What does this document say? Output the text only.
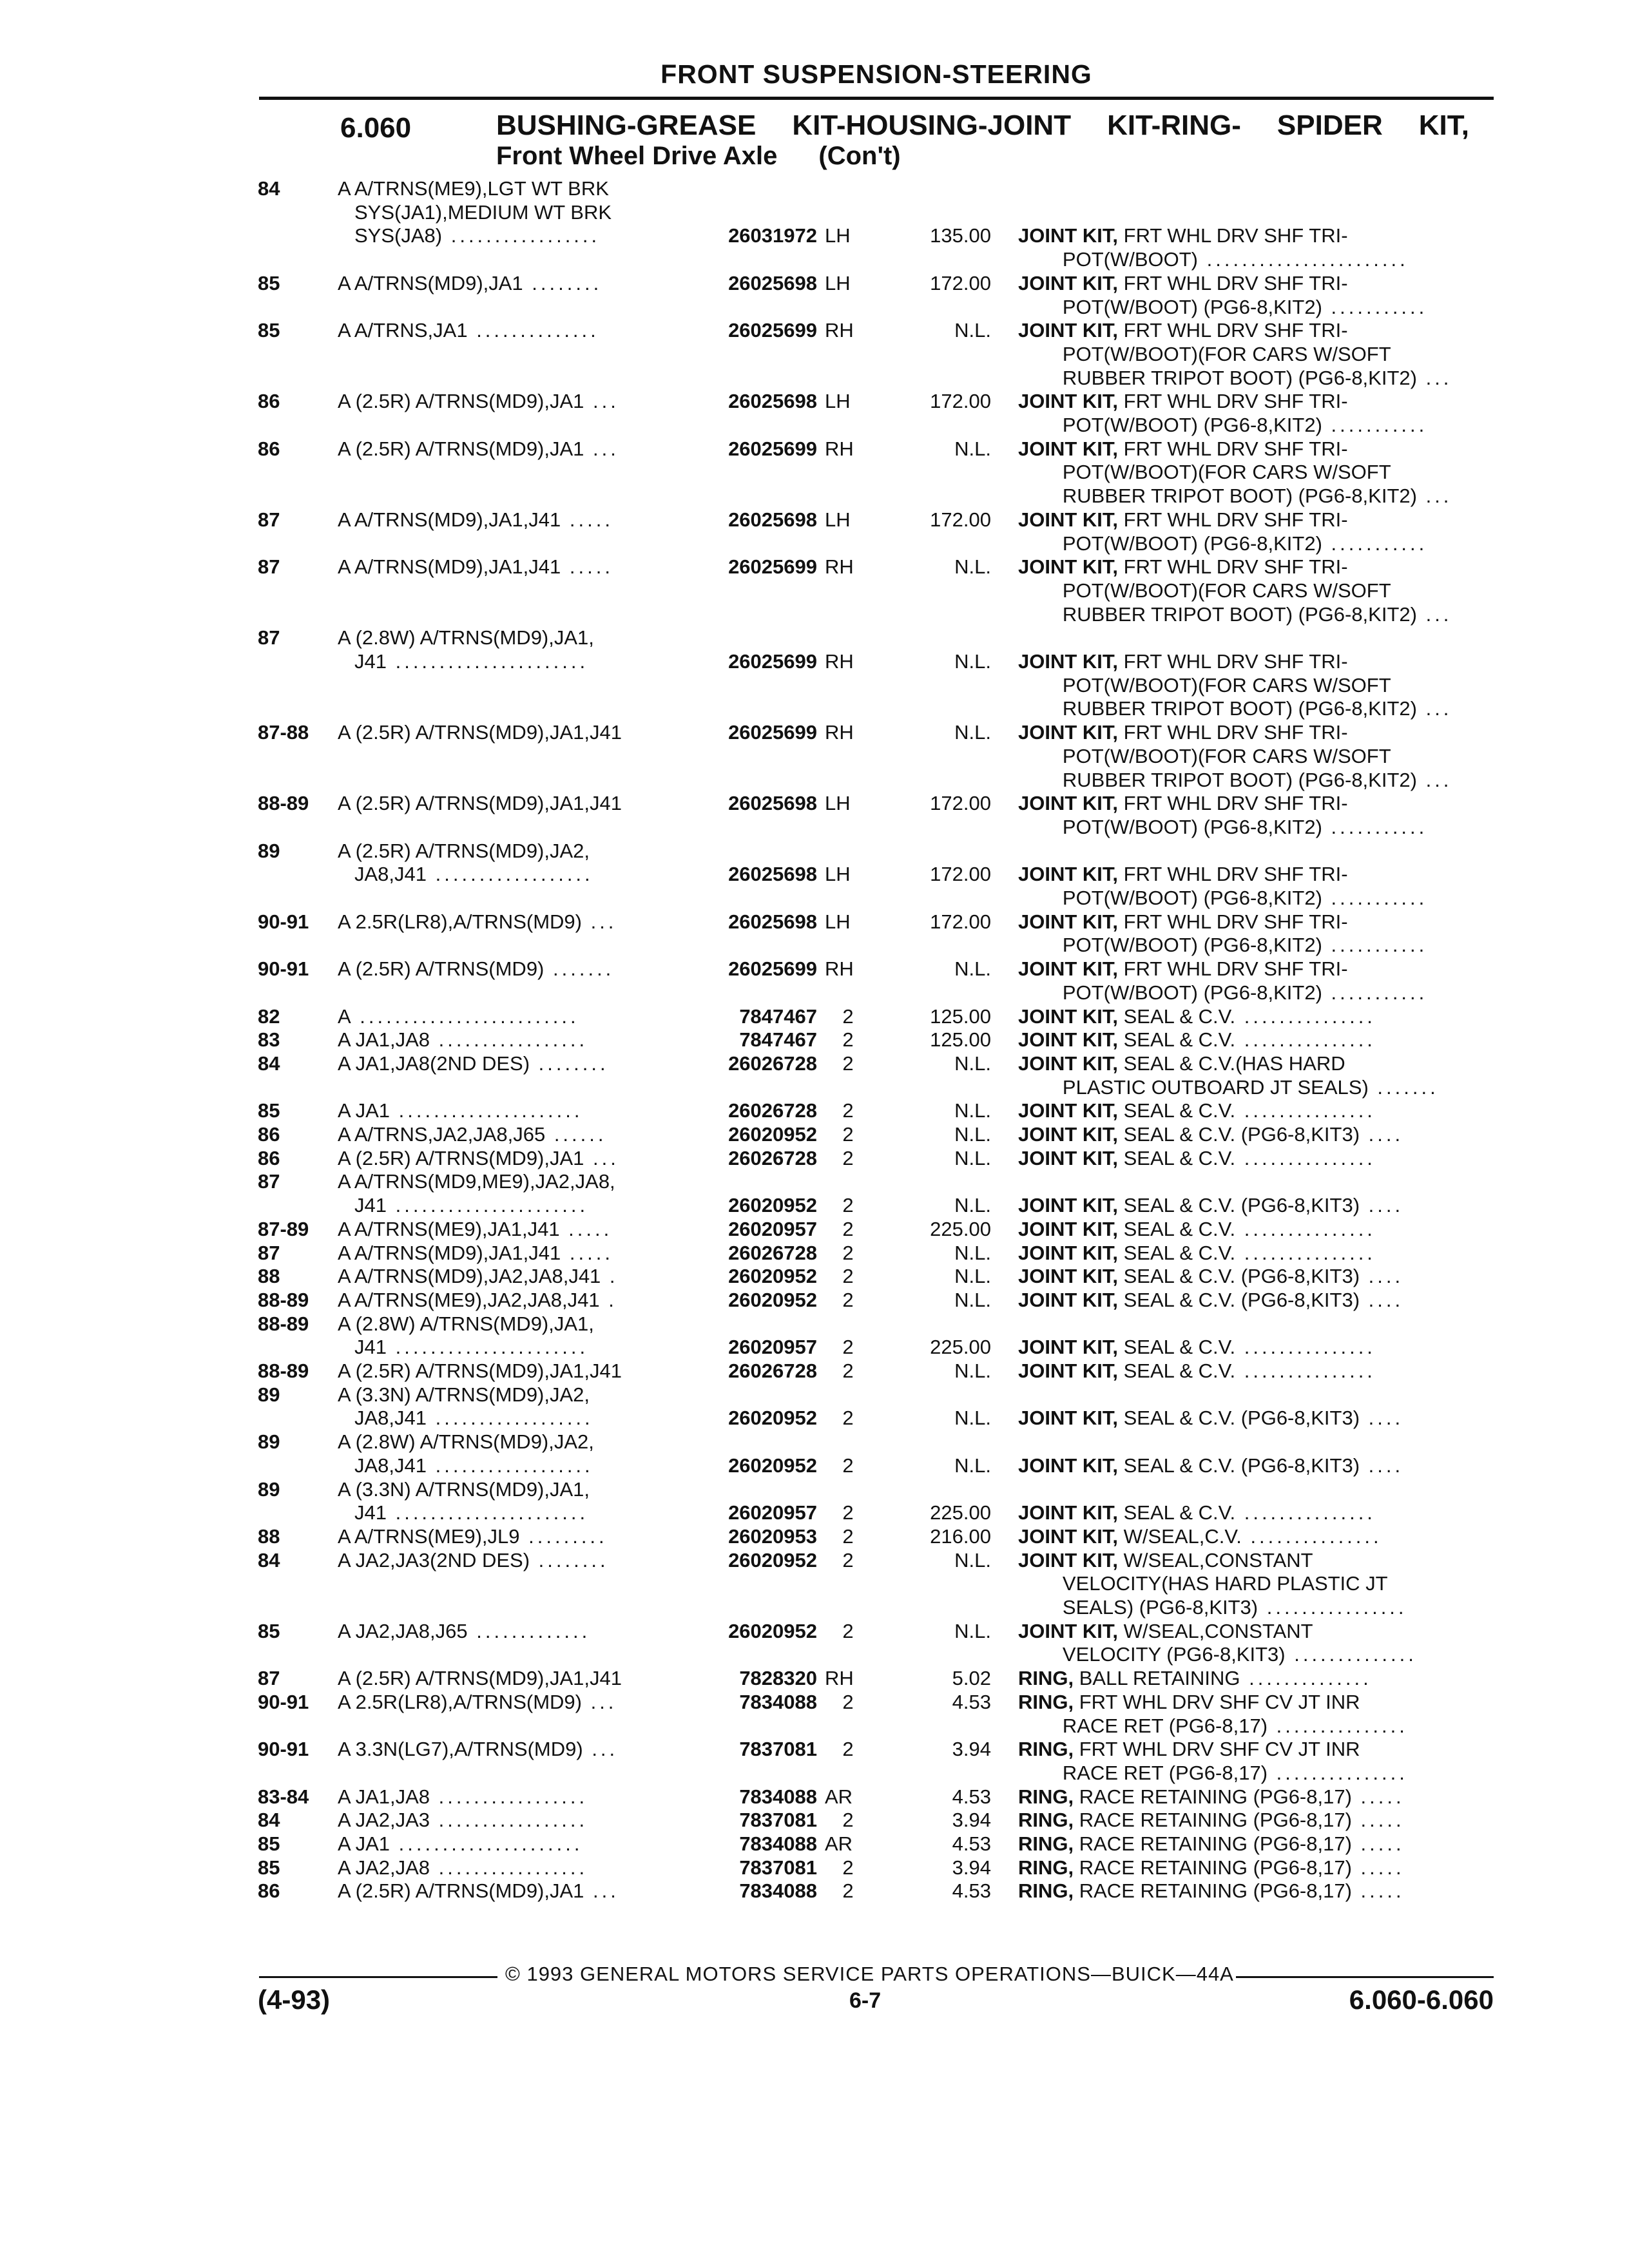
FRONT SUSPENSION-STEERING
6.060	BUSHING-GREASE KIT-HOUSING-JOINT KIT-RING- SPIDER KIT,
Front Wheel Drive Axle (Con't)
84	A A/TRNS(ME9),LGT WT BRK
SYS(JA1),MEDIUM WT BRK
SYS(JA8) .................	26031972 LH	135.00 JOINT KIT, FRT WHL DRV SHF TRI-
POT(W/BOOT) .......................
85	A A/TRNS(MD9),JA1 ........	26025698 LH	172.00 JOINT KIT, FRT WHL DRV SHF TRI-
POT(W/BOOT) (PG6-8,KIT2) ...........
85	A A/TRNS,JA1 ..............	26025699 RH	N.L. JOINT KIT, FRT WHL DRV SHF TRI-
POT(W/BOOT)(FOR CARS W/SOFT
RUBBER TRIPOT BOOT) (PG6-8,KIT2) ...
86	A (2.5R) A/TRNS(MD9),JA1 ...	26025698 LH	172.00 JOINT KIT, FRT WHL DRV SHF TRI-
POT(W/BOOT) (PG6-8,KIT2) ...........
86	A (2.5R) A/TRNS(MD9),JA1 ...	26025699 RH	N.L. JOINT KIT, FRT WHL DRV SHF TRI-
POT(W/BOOT)(FOR CARS W/SOFT
RUBBER TRIPOT BOOT) (PG6-8,KIT2) ...
87	A A/TRNS(MD9),JA1,J41 .....	26025698 LH	172.00 JOINT KIT, FRT WHL DRV SHF TRI-
POT(W/BOOT) (PG6-8,KIT2) ...........
87	A A/TRNS(MD9),JA1,J41 .....	26025699 RH	N.L. JOINT KIT, FRT WHL DRV SHF TRI-
POT(W/BOOT)(FOR CARS W/SOFT
RUBBER TRIPOT BOOT) (PG6-8,KIT2) ...
87	A (2.8W) A/TRNS(MD9),JA1,
J41 ......................	26025699 RH	N.L. JOINT KIT, FRT WHL DRV SHF TRI-
POT(W/BOOT)(FOR CARS W/SOFT
RUBBER TRIPOT BOOT) (PG6-8,KIT2) ...
87-88 A (2.5R) A/TRNS(MD9),JA1,J41	26025699 RH	N.L. JOINT KIT, FRT WHL DRV SHF TRI-
POT(W/BOOT)(FOR CARS W/SOFT
RUBBER TRIPOT BOOT) (PG6-8,KIT2) ...
88-89 A (2.5R) A/TRNS(MD9),JA1,J41	26025698 LH	172.00 JOINT KIT, FRT WHL DRV SHF TRI-
POT(W/BOOT) (PG6-8,KIT2) ...........
89	A (2.5R) A/TRNS(MD9),JA2,
JA8,J41 ..................	26025698 LH	172.00 JOINT KIT, FRT WHL DRV SHF TRI-
POT(W/BOOT) (PG6-8,KIT2) ...........
90-91 A 2.5R(LR8),A/TRNS(MD9) ...	26025698 LH	172.00 JOINT KIT, FRT WHL DRV SHF TRI-
POT(W/BOOT) (PG6-8,KIT2) ...........
90-91 A (2.5R) A/TRNS(MD9) .......	26025699 RH	N.L. JOINT KIT, FRT WHL DRV SHF TRI-
POT(W/BOOT) (PG6-8,KIT2) ...........
82	A .........................	7847467	2	125.00 JOINT KIT, SEAL & C.V. ...............
83	A JA1,JA8 .................	7847467	2	125.00 JOINT KIT, SEAL & C.V. ...............
84	A JA1,JA8(2ND DES) ........	26026728	2	N.L. JOINT KIT, SEAL & C.V.(HAS HARD
PLASTIC OUTBOARD JT SEALS) .......
85	A JA1 .....................	26026728	2	N.L. JOINT KIT, SEAL & C.V. ...............
86	A A/TRNS,JA2,JA8,J65 ......	26020952	2	N.L. JOINT KIT, SEAL & C.V. (PG6-8,KIT3) ....
86	A (2.5R) A/TRNS(MD9),JA1 ...	26026728	2	N.L. JOINT KIT, SEAL & C.V. ...............
87	A A/TRNS(MD9,ME9),JA2,JA8,
J41 ......................	26020952	2	N.L. JOINT KIT, SEAL & C.V. (PG6-8,KIT3) ....
87-89 A A/TRNS(ME9),JA1,J41 .....	26020957	2	225.00 JOINT KIT, SEAL & C.V. ...............
87	A A/TRNS(MD9),JA1,J41 .....	26026728	2	N.L. JOINT KIT, SEAL & C.V. ...............
88	A A/TRNS(MD9),JA2,JA8,J41 .	26020952	2	N.L. JOINT KIT, SEAL & C.V. (PG6-8,KIT3) ....
88-89 A A/TRNS(ME9),JA2,JA8,J41 .	26020952	2	N.L. JOINT KIT, SEAL & C.V. (PG6-8,KIT3) ....
88-89 A (2.8W) A/TRNS(MD9),JA1,
J41 ......................	26020957	2	225.00 JOINT KIT, SEAL & C.V. ...............
88-89 A (2.5R) A/TRNS(MD9),JA1,J41	26026728	2	N.L. JOINT KIT, SEAL & C.V. ...............
89	A (3.3N) A/TRNS(MD9),JA2,
JA8,J41 ..................	26020952	2	N.L. JOINT KIT, SEAL & C.V. (PG6-8,KIT3) ....
89	A (2.8W) A/TRNS(MD9),JA2,
JA8,J41 ..................	26020952	2	N.L. JOINT KIT, SEAL & C.V. (PG6-8,KIT3) ....
89	A (3.3N) A/TRNS(MD9),JA1,
J41 ......................	26020957	2	225.00 JOINT KIT, SEAL & C.V. ...............
88	A A/TRNS(ME9),JL9 .........	26020953	2	216.00 JOINT KIT, W/SEAL,C.V. ...............
84	A JA2,JA3(2ND DES) ........	26020952	2	N.L. JOINT KIT, W/SEAL,CONSTANT
VELOCITY(HAS HARD PLASTIC JT
SEALS) (PG6-8,KIT3) ................
85	A JA2,JA8,J65 .............	26020952	2	N.L. JOINT KIT, W/SEAL,CONSTANT
VELOCITY (PG6-8,KIT3) ..............
87	A (2.5R) A/TRNS(MD9),JA1,J41	7828320 RH	5.02 RING, BALL RETAINING ..............
90-91 A 2.5R(LR8),A/TRNS(MD9) ...	7834088	2	4.53 RING, FRT WHL DRV SHF CV JT INR
RACE RET (PG6-8,17) ...............
90-91 A 3.3N(LG7),A/TRNS(MD9) ...	7837081	2	3.94 RING, FRT WHL DRV SHF CV JT INR
RACE RET (PG6-8,17) ...............
83-84 A JA1,JA8 .................	7834088 AR	4.53 RING, RACE RETAINING (PG6-8,17) .....
84	A JA2,JA3 .................	7837081	2	3.94 RING, RACE RETAINING (PG6-8,17) .....
85	A JA1 .....................	7834088 AR	4.53 RING, RACE RETAINING (PG6-8,17) .....
85	A JA2,JA8 .................	7837081	2	3.94 RING, RACE RETAINING (PG6-8,17) .....
86	A (2.5R) A/TRNS(MD9),JA1 ...	7834088	2	4.53 RING, RACE RETAINING (PG6-8,17) .....
© 1993 GENERAL MOTORS SERVICE PARTS OPERATIONS—BUICK—44A
(4-93)	6-7	6.060-6.060
